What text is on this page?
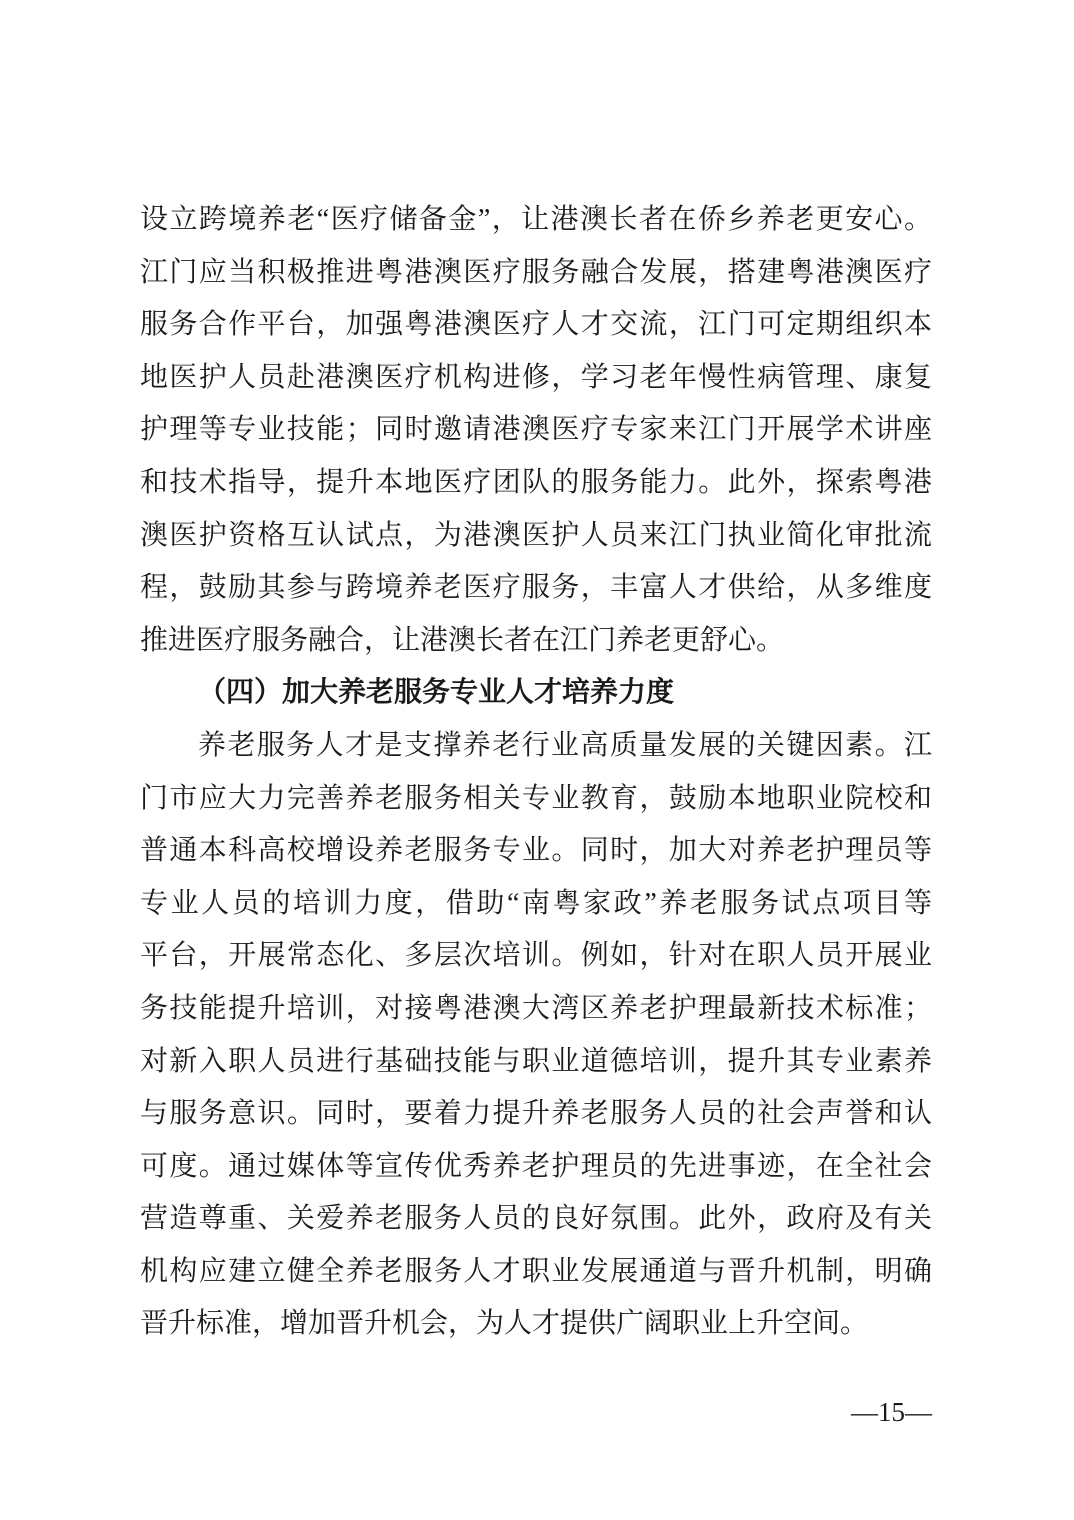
设立跨境养老“医疗储备金”，让港澳长者在侨乡养老更安心。

江门应当积极推进粤港澳医疗服务融合发展，搭建粤港澳医疗

服务合作平台，加强粤港澳医疗人才交流，江门可定期组织本

地医护人员赴港澳医疗机构进修，学习老年慢性病管理、康复

护理等专业技能；同时邀请港澳医疗专家来江门开展学术讲座

和技术指导，提升本地医疗团队的服务能力。此外，探索粤港

澳医护资格互认试点，为港澳医护人员来江门执业简化审批流

程，鼓励其参与跨境养老医疗服务，丰富人才供给，从多维度

推进医疗服务融合，让港澳长者在江门养老更舒心。

（四）加大养老服务专业人才培养力度

养老服务人才是支撑养老行业高质量发展的关键因素。江

门市应大力完善养老服务相关专业教育，鼓励本地职业院校和

普通本科高校增设养老服务专业。同时，加大对养老护理员等

专业人员的培训力度，借助“南粤家政”养老服务试点项目等

平台，开展常态化、多层次培训。例如，针对在职人员开展业

务技能提升培训，对接粤港澳大湾区养老护理最新技术标准；

对新入职人员进行基础技能与职业道德培训，提升其专业素养

与服务意识。同时，要着力提升养老服务人员的社会声誉和认

可度。通过媒体等宣传优秀养老护理员的先进事迹，在全社会

营造尊重、关爱养老服务人员的良好氛围。此外，政府及有关

机构应建立健全养老服务人才职业发展通道与晋升机制，明确

晋升标准，增加晋升机会，为人才提供广阔职业上升空间。

—15—
